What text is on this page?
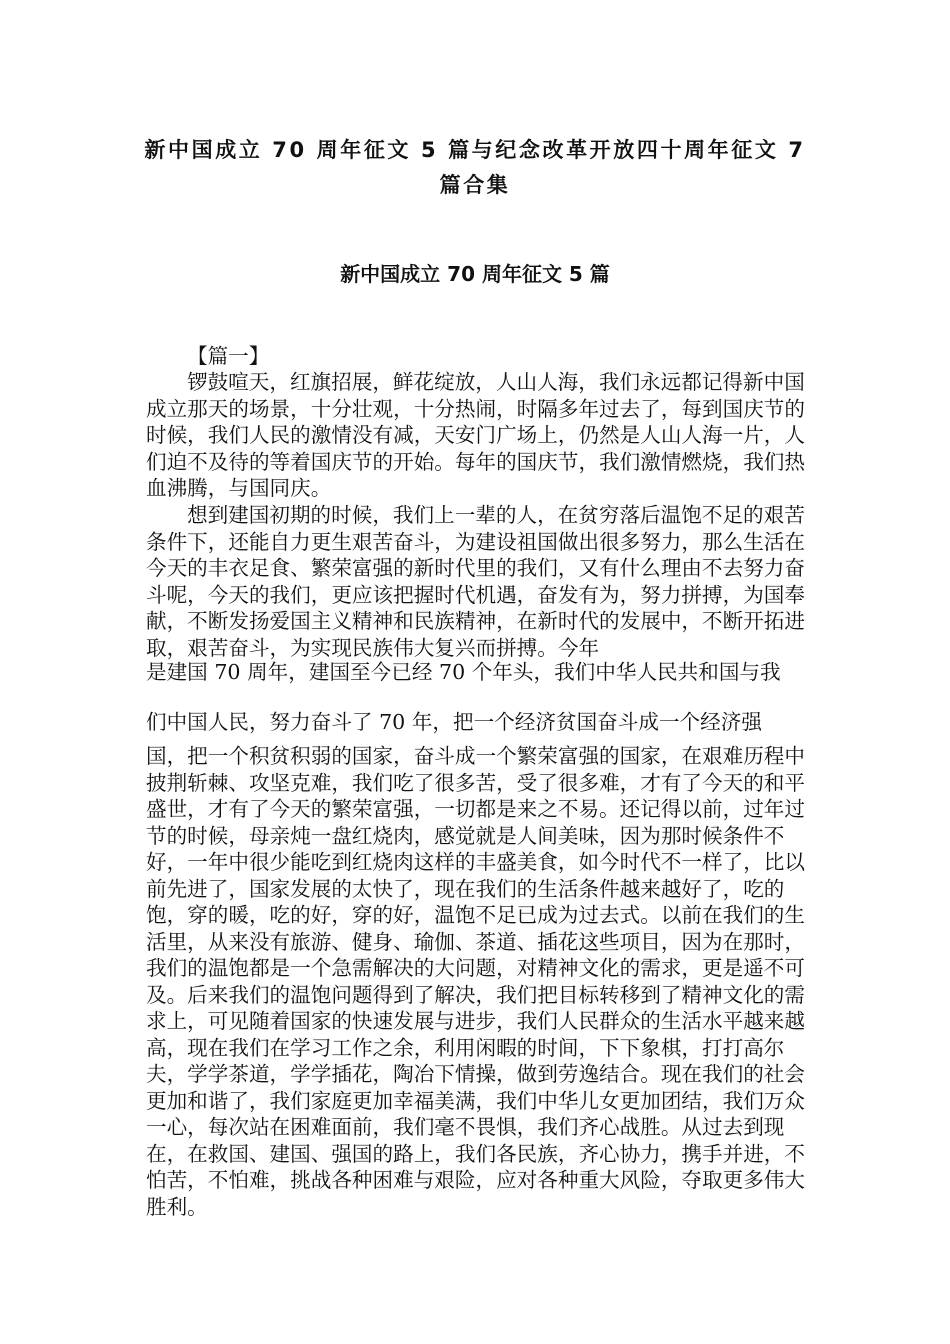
新中国成立 70 周年征文 5 篇与纪念改革开放四十周年征文 7 篇合集
新中国成立 70 周年征文 5 篇

【篇一】

锣鼓喧天，红旗招展，鲜花绽放，人山人海，我们永远都记得新中国成立那天的场景，十分壮观，十分热闹，时隔多年过去了，每到国庆节的时候，我们人民的激情没有减，天安门广场上，仍然是人山人海一片，人们迫不及待的等着国庆节的开始。每年的国庆节，我们激情燃烧，我们热血沸腾，与国同庆。

想到建国初期的时候，我们上一辈的人，在贫穷落后温饱不足的艰苦条件下，还能自力更生艰苦奋斗，为建设祖国做出很多努力，那么生活在今天的丰衣足食、繁荣富强的新时代里的我们，又有什么理由不去努力奋斗呢，今天的我们，更应该把握时代机遇，奋发有为，努力拼搏，为国奉献，不断发扬爱国主义精神和民族精神，在新时代的发展中，不断开拓进取，艰苦奋斗，为实现民族伟大复兴而拼搏。今年

是建国 70 周年，建国至今已经 70 个年头，我们中华人民共和国与我

们中国人民，努力奋斗了 70 年，把一个经济贫国奋斗成一个经济强

国，把一个积贫积弱的国家，奋斗成一个繁荣富强的国家，在艰难历程中披荆斩棘、攻坚克难，我们吃了很多苦，受了很多难，才有了今天的和平盛世，才有了今天的繁荣富强，一切都是来之不易。还记得以前，过年过节的时候，母亲炖一盘红烧肉，感觉就是人间美味，因为那时候条件不好，一年中很少能吃到红烧肉这样的丰盛美食，如今时代不一样了，比以前先进了，国家发展的太快了，现在我们的生活条件越来越好了，吃的饱，穿的暖，吃的好，穿的好，温饱不足已成为过去式。以前在我们的生活里，从来没有旅游、健身、瑜伽、茶道、插花这些项目，因为在那时，我们的温饱都是一个急需解决的大问题，对精神文化的需求，更是遥不可及。后来我们的温饱问题得到了解决，我们把目标转移到了精神文化的需求上，可见随着国家的快速发展与进步，我们人民群众的生活水平越来越高，现在我们在学习工作之余，利用闲暇的时间，下下象棋，打打高尔夫，学学茶道，学学插花，陶冶下情操，做到劳逸结合。现在我们的社会更加和谐了，我们家庭更加幸福美满，我们中华儿女更加团结，我们万众一心，每次站在困难面前，我们毫不畏惧，我们齐心战胜。从过去到现在，在救国、建国、强国的路上，我们各民族，齐心协力，携手并进，不怕苦，不怕难，挑战各种困难与艰险，应对各种重大风险，夺取更多伟大胜利。
